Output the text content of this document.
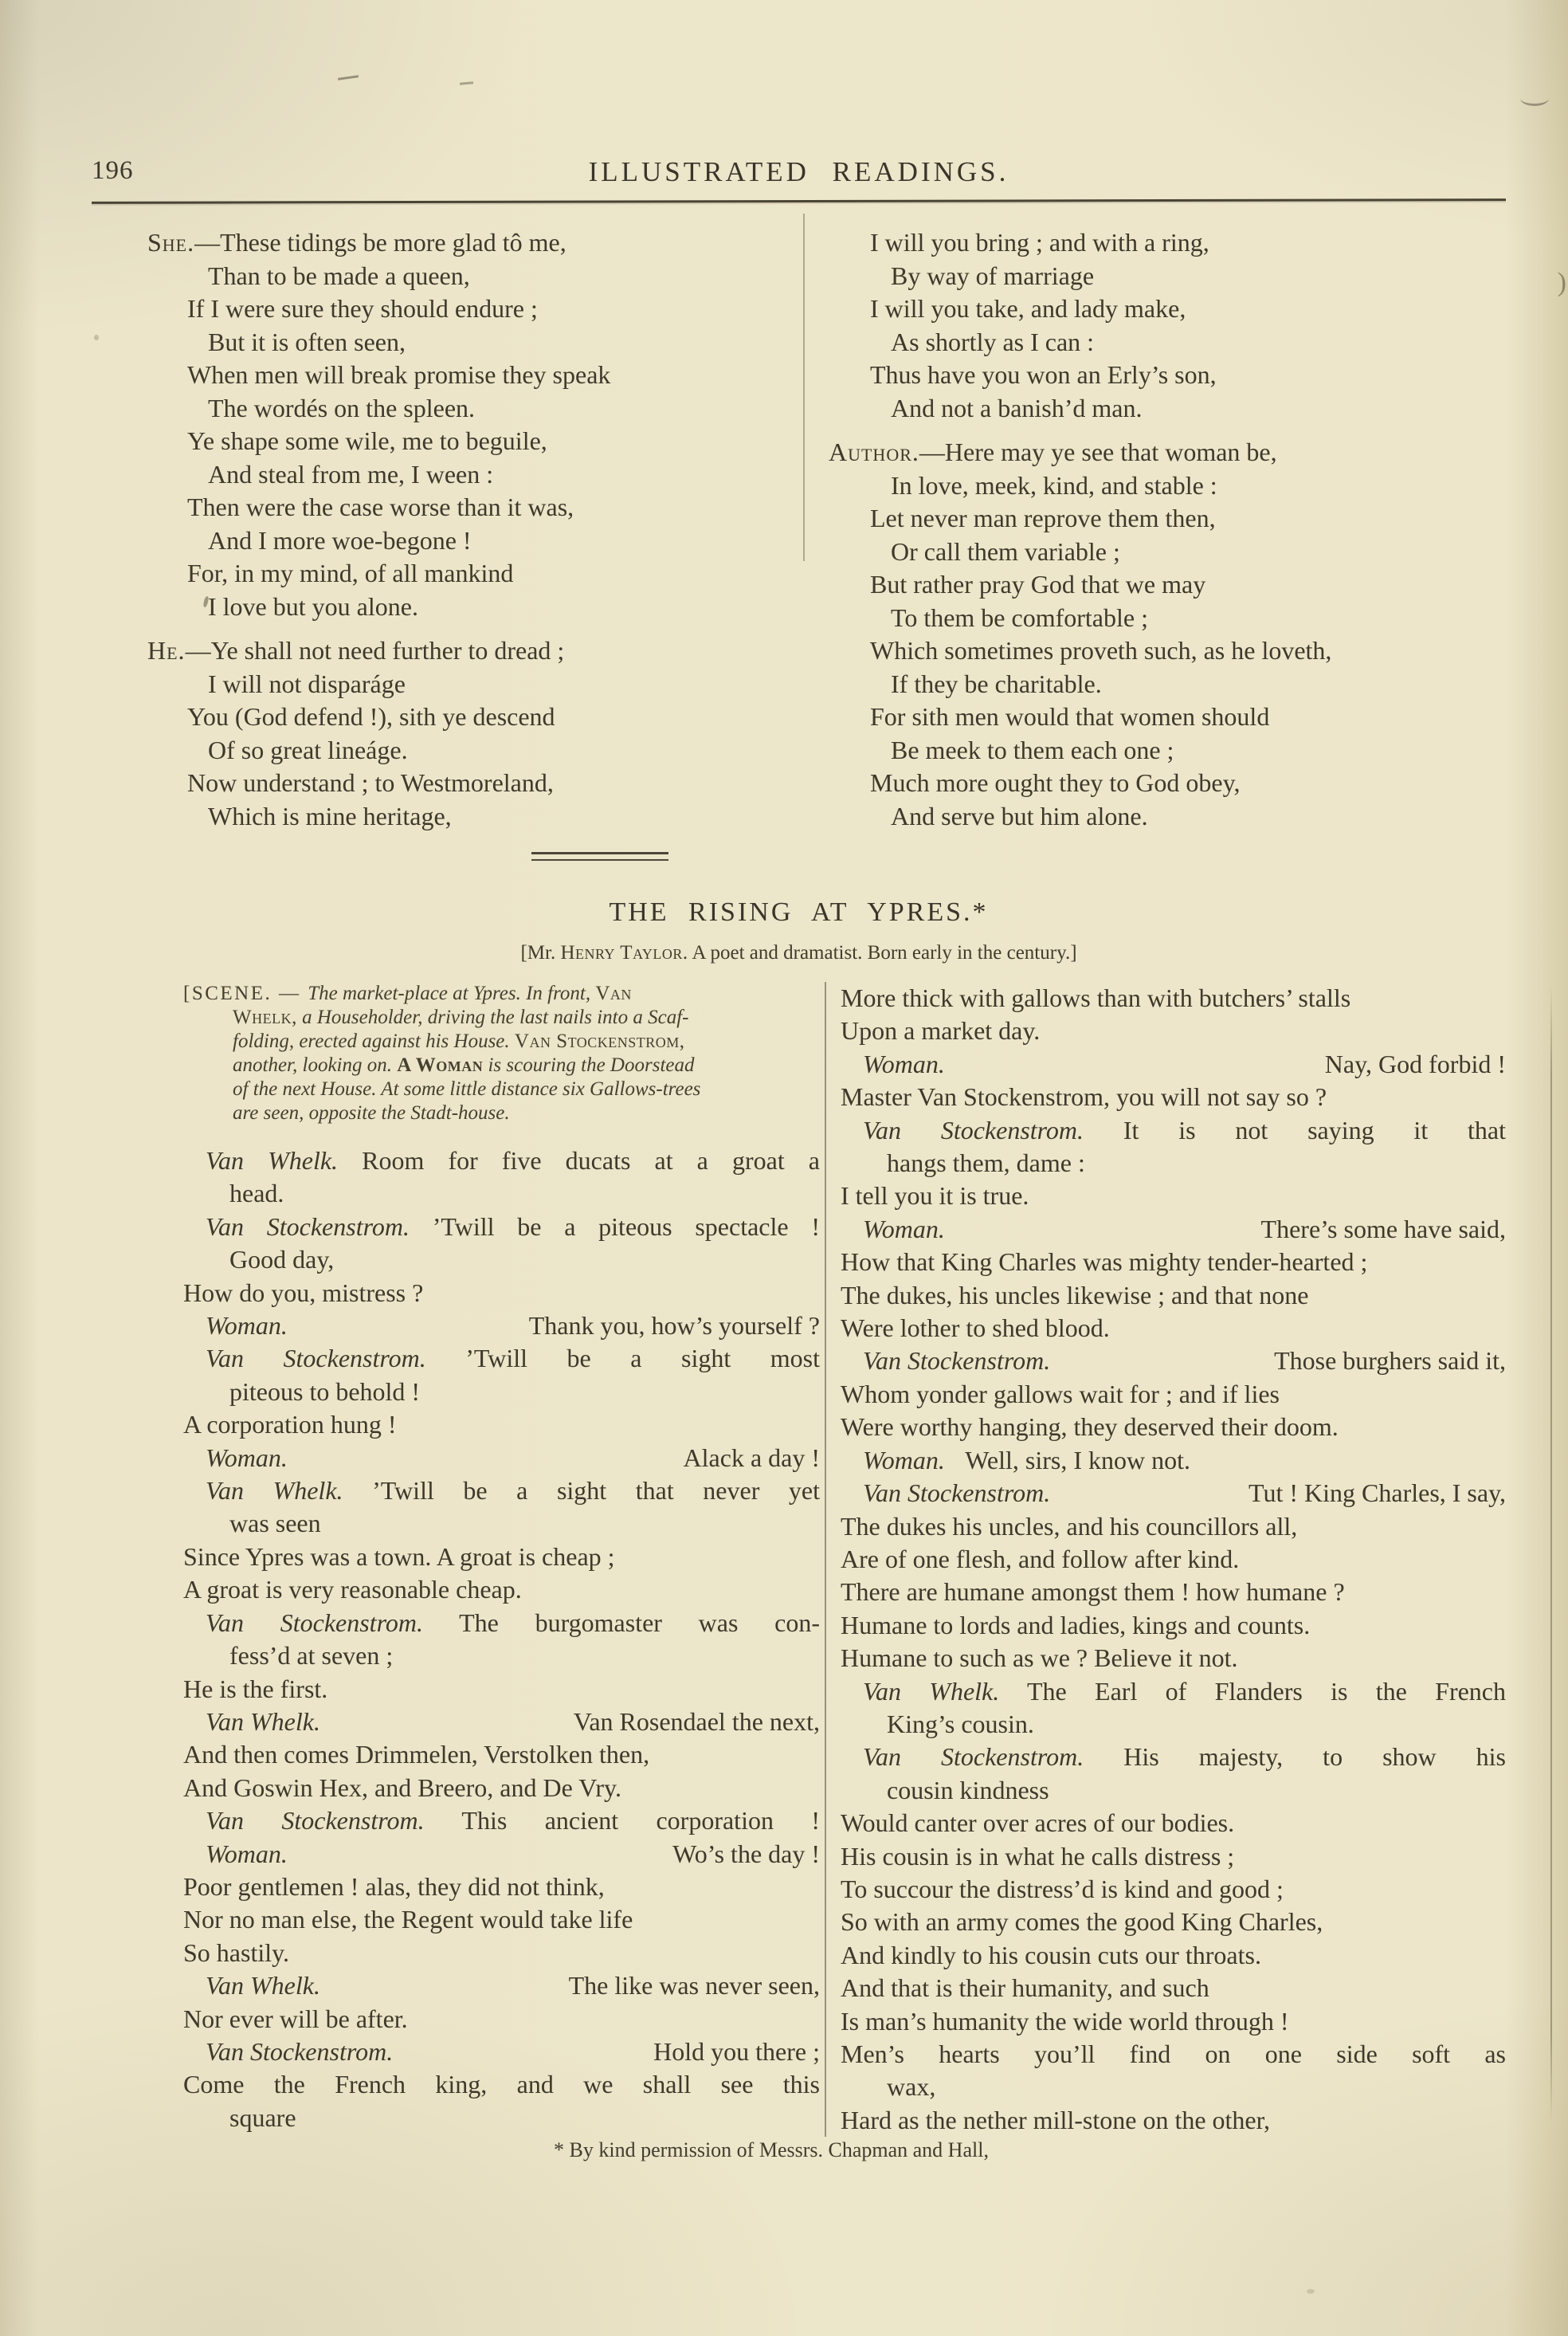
196	ILLUSTRATED READINGS.
She.—These tidings be more glad tô me,
Than to be made a queen,
If I were sure they should endure ;
But it is often seen,
When men will break promise they speak
The wordés on the spleen.
Ye shape some wile, me to beguile,
And steal from me, I ween :
Then were the case worse than it was,
And I more woe-begone !
For, in my mind, of all mankind
I love but you alone.
He.—Ye shall not need further to dread ;
I will not disparáge
You (God defend !), sith ye descend
Of so great lineáge.
Now understand ; to Westmoreland,
Which is mine heritage,
I will you bring ; and with a ring,
By way of marriage
I will you take, and lady make,
As shortly as I can :
Thus have you won an Erly’s son,
And not a banish’d man.
Author.—Here may ye see that woman be,
In love, meek, kind, and stable :
Let never man reprove them then,
Or call them variable ;
But rather pray God that we may
To them be comfortable ;
Which sometimes proveth such, as he loveth,
If they be charitable.
For sith men would that women should
Be meek to them each one ;
Much more ought they to God obey,
And serve but him alone.
THE RISING AT YPRES.*
[Mr. Henry Taylor. A poet and dramatist. Born early in the century.]
[SCENE. — The market-place at Ypres. In front, Van
Whelk, a Householder, driving the last nails into a Scaf-
folding, erected against his House. Van Stockenstrom,
another, looking on. A Woman is scouring the Doorstead
of the next House. At some little distance six Gallows-trees
are seen, opposite the Stadt-house.
Van Whelk. Room for five ducats at a groat a
head.
Van Stockenstrom. ’Twill be a piteous spectacle !
Good day,
How do you, mistress ?
Woman.	Thank you, how’s yourself ?
Van Stockenstrom. ’Twill be a sight most
piteous to behold !
A corporation hung !
Woman.	Alack a day !
Van Whelk. ’Twill be a sight that never yet
was seen
Since Ypres was a town. A groat is cheap ;
A groat is very reasonable cheap.
Van Stockenstrom. The burgomaster was con-
fess’d at seven ;
He is the first.
Van Whelk.	Van Rosendael the next,
And then comes Drimmelen, Verstolken then,
And Goswin Hex, and Breero, and De Vry.
Van Stockenstrom. This ancient corporation !
Woman.	Wo’s the day !
Poor gentlemen ! alas, they did not think,
Nor no man else, the Regent would take life
So hastily.
Van Whelk.	The like was never seen,
Nor ever will be after.
Van Stockenstrom.	Hold you there ;
Come the French king, and we shall see this
square
More thick with gallows than with butchers’ stalls
Upon a market day.
Woman.	Nay, God forbid !
Master Van Stockenstrom, you will not say so ?
Van Stockenstrom. It is not saying it that
hangs them, dame :
I tell you it is true.
Woman.	There’s some have said,
How that King Charles was mighty tender-hearted ;
The dukes, his uncles likewise ; and that none
Were lother to shed blood.
Van Stockenstrom.	Those burghers said it,
Whom yonder gallows wait for ; and if lies
Were worthy hanging, they deserved their doom.
Woman. Well, sirs, I know not.
Van Stockenstrom.	Tut ! King Charles, I say,
The dukes his uncles, and his councillors all,
Are of one flesh, and follow after kind.
There are humane amongst them ! how humane ?
Humane to lords and ladies, kings and counts.
Humane to such as we ? Believe it not.
Van Whelk. The Earl of Flanders is the French
King’s cousin.
Van Stockenstrom. His majesty, to show his
cousin kindness
Would canter over acres of our bodies.
His cousin is in what he calls distress ;
To succour the distress’d is kind and good ;
So with an army comes the good King Charles,
And kindly to his cousin cuts our throats.
And that is their humanity, and such
Is man’s humanity the wide world through !
Men’s hearts you’ll find on one side soft as
wax,
Hard as the nether mill-stone on the other,
* By kind permission of Messrs. Chapman and Hall,
)
